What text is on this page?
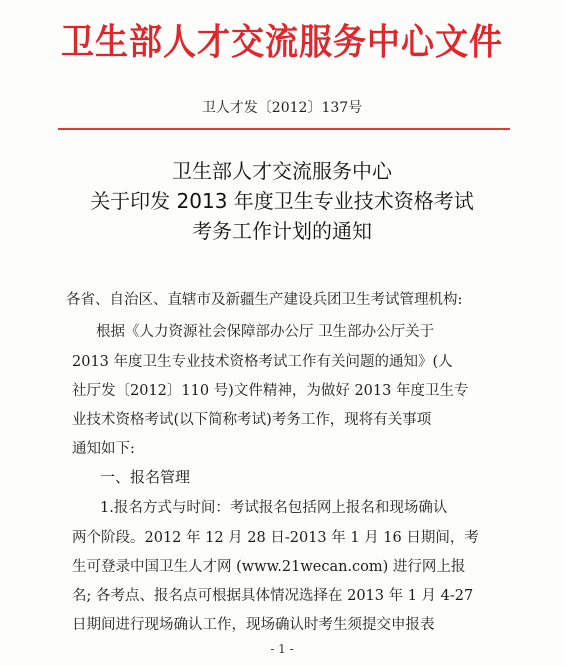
卫生部人才交流服务中心文件
卫人才发〔2012〕137号
卫生部人才交流服务中心
关于印发 2013 年度卫生专业技术资格考试
考务工作计划的通知
各省、自治区、直辖市及新疆生产建设兵团卫生考试管理机构:
根据《人力资源社会保障部办公厅 卫生部办公厅关于
2013 年度卫生专业技术资格考试工作有关问题的通知》(人
社厅发〔2012〕110 号)文件精神，为做好 2013 年度卫生专
业技术资格考试(以下简称考试)考务工作，现将有关事项
通知如下:
一、报名管理
1.报名方式与时间：考试报名包括网上报名和现场确认
两个阶段。2012 年 12 月 28 日-2013 年 1 月 16 日期间，考
生可登录中国卫生人才网 (www.21wecan.com) 进行网上报
名; 各考点、报名点可根据具体情况选择在 2013 年 1 月 4-27
日期间进行现场确认工作，现场确认时考生须提交申报表
- 1 -
